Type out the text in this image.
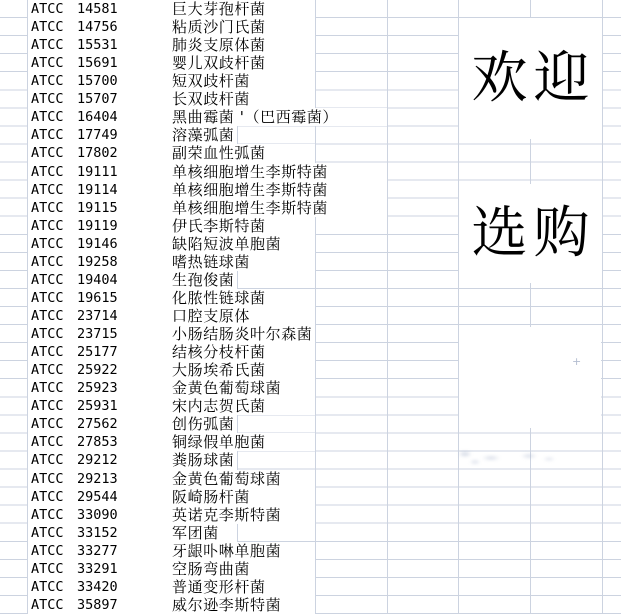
ATCC 14581	巨大芽孢杆菌
ATCC 14756	粘质沙门氏菌
ATCC 15531	肺炎支原体菌
ATCC 15691	婴儿双歧杆菌
ATCC 15700	短双歧杆菌
ATCC 15707	长双歧杆菌
ATCC 16404	黑曲霉菌 '（巴西霉菌）
ATCC 17749	溶藻弧菌
ATCC 17802	副荣血性弧菌
ATCC 19111	单核细胞增生李斯特菌
ATCC 19114	单核细胞增生李斯特菌
ATCC 19115	单核细胞增生李斯特菌
ATCC 19119	伊氏李斯特菌
ATCC 19146	缺陷短波单胞菌
ATCC 19258	嗜热链球菌
ATCC 19404	生孢俊菌
ATCC 19615	化脓性链球菌
ATCC 23714	口腔支原体
ATCC 23715	小肠结肠炎叶尔森菌
ATCC 25177	结核分枝杆菌
ATCC 25922	大肠埃希氏菌
ATCC 25923	金黄色葡萄球菌
ATCC 25931	宋内志贺氏菌
ATCC 27562	创伤弧菌
ATCC 27853	铜绿假单胞菌
ATCC 29212	粪肠球菌
ATCC 29213	金黄色葡萄球菌
ATCC 29544	阪崎肠杆菌
ATCC 33090	英诺克李斯特菌
ATCC 33152	军团菌
ATCC 33277	牙龈卟啉单胞菌
ATCC 33291	空肠弯曲菌
ATCC 33420	普通变形杆菌
ATCC 35897	威尔逊李斯特菌
欢迎
选购
+
